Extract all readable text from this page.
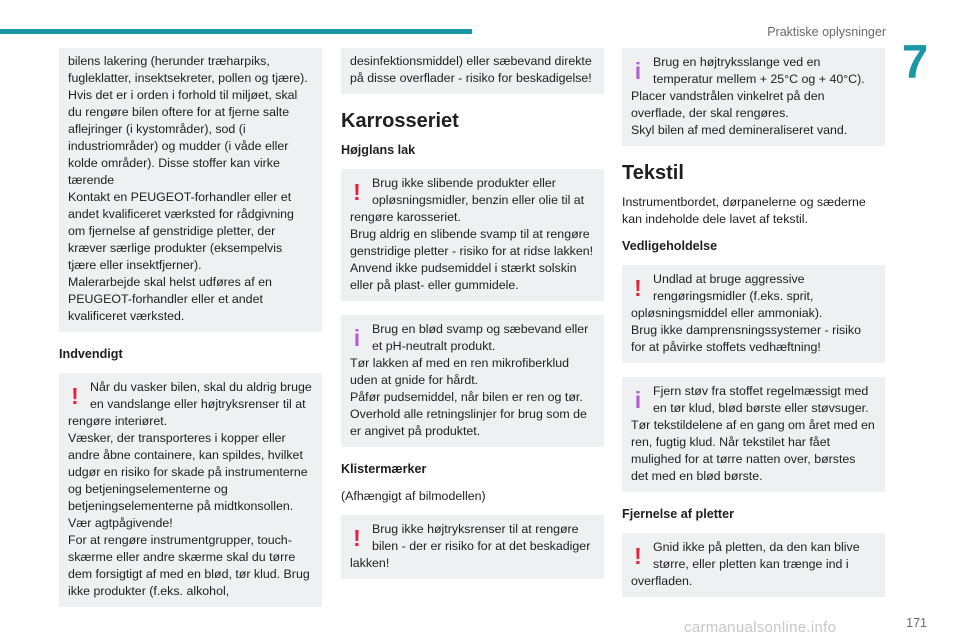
Praktiske oplysninger
7

bilens lakering (herunder træharpiks, fugleklatter, insektsekreter, pollen og tjære). Hvis det er i orden i forhold til miljøet, skal du rengøre bilen oftere for at fjerne salte aflejringer (i kystområder), sod (i industriområder) og mudder (i våde eller kolde områder). Disse stoffer kan virke tærende
Kontakt en PEUGEOT-forhandler eller et andet kvalificeret værksted for rådgivning om fjernelse af genstridige pletter, der kræver særlige produkter (eksempelvis tjære eller insektfjerner).
Malerarbejde skal helst udføres af en PEUGEOT-forhandler eller et andet kvalificeret værksted.

Indvendigt
! Når du vasker bilen, skal du aldrig bruge en vandslange eller højtryksrenser til at

rengøre interiøret.
Væsker, der transporteres i kopper eller andre åbne containere, kan spildes, hvilket udgør en risiko for skade på instrumenterne og betjeningselementerne og betjeningselementerne på midtkonsollen. Vær agtpågivende!
For at rengøre instrumentgrupper, touch-skærme eller andre skærme skal du tørre dem forsigtigt af med en blød, tør klud. Brug ikke produkter (f.eks. alkohol,

desinfektionsmiddel) eller sæbevand direkte på disse overflader - risiko for beskadigelse!

Karrosseriet
Højglans lak
! Brug ikke slibende produkter eller opløsningsmidler, benzin eller olie til at

rengøre karosseriet.
Brug aldrig en slibende svamp til at rengøre genstridige pletter - risiko for at ridse lakken!
Anvend ikke pudsemiddel i stærkt solskin eller på plast- eller gummidele.

i Brug en blød svamp og sæbevand eller et pH-neutralt produkt.

Tør lakken af med en ren mikrofiberklud uden at gnide for hårdt.
Påfør pudsemiddel, når bilen er ren og tør.
Overhold alle retningslinjer for brug som de er angivet på produktet.

Klistermærker

(Afhængigt af bilmodellen)

! Brug ikke højtryksrenser til at rengøre bilen - der er risiko for at det beskadiger

lakken!

i Brug en højtryksslange ved en temperatur mellem + 25°C og + 40°C).

Placer vandstrålen vinkelret på den overflade, der skal rengøres.
Skyl bilen af med demineraliseret vand.

Tekstil

Instrumentbordet, dørpanelerne og sæderne kan indeholde dele lavet af tekstil.

Vedligeholdelse
! Undlad at bruge aggressive rengøringsmidler (f.eks. sprit,

opløsningsmiddel eller ammoniak).
Brug ikke damprensningssystemer - risiko for at påvirke stoffets vedhæftning!

i Fjern støv fra stoffet regelmæssigt med en tør klud, blød børste eller støvsuger.

Tør tekstildelene af en gang om året med en ren, fugtig klud. Når tekstilet har fået mulighed for at tørre natten over, børstes det med en blød børste.

Fjernelse af pletter
! Gnid ikke på pletten, da den kan blive større, eller pletten kan trænge ind i

overfladen.

carmanualsonline.info	171
